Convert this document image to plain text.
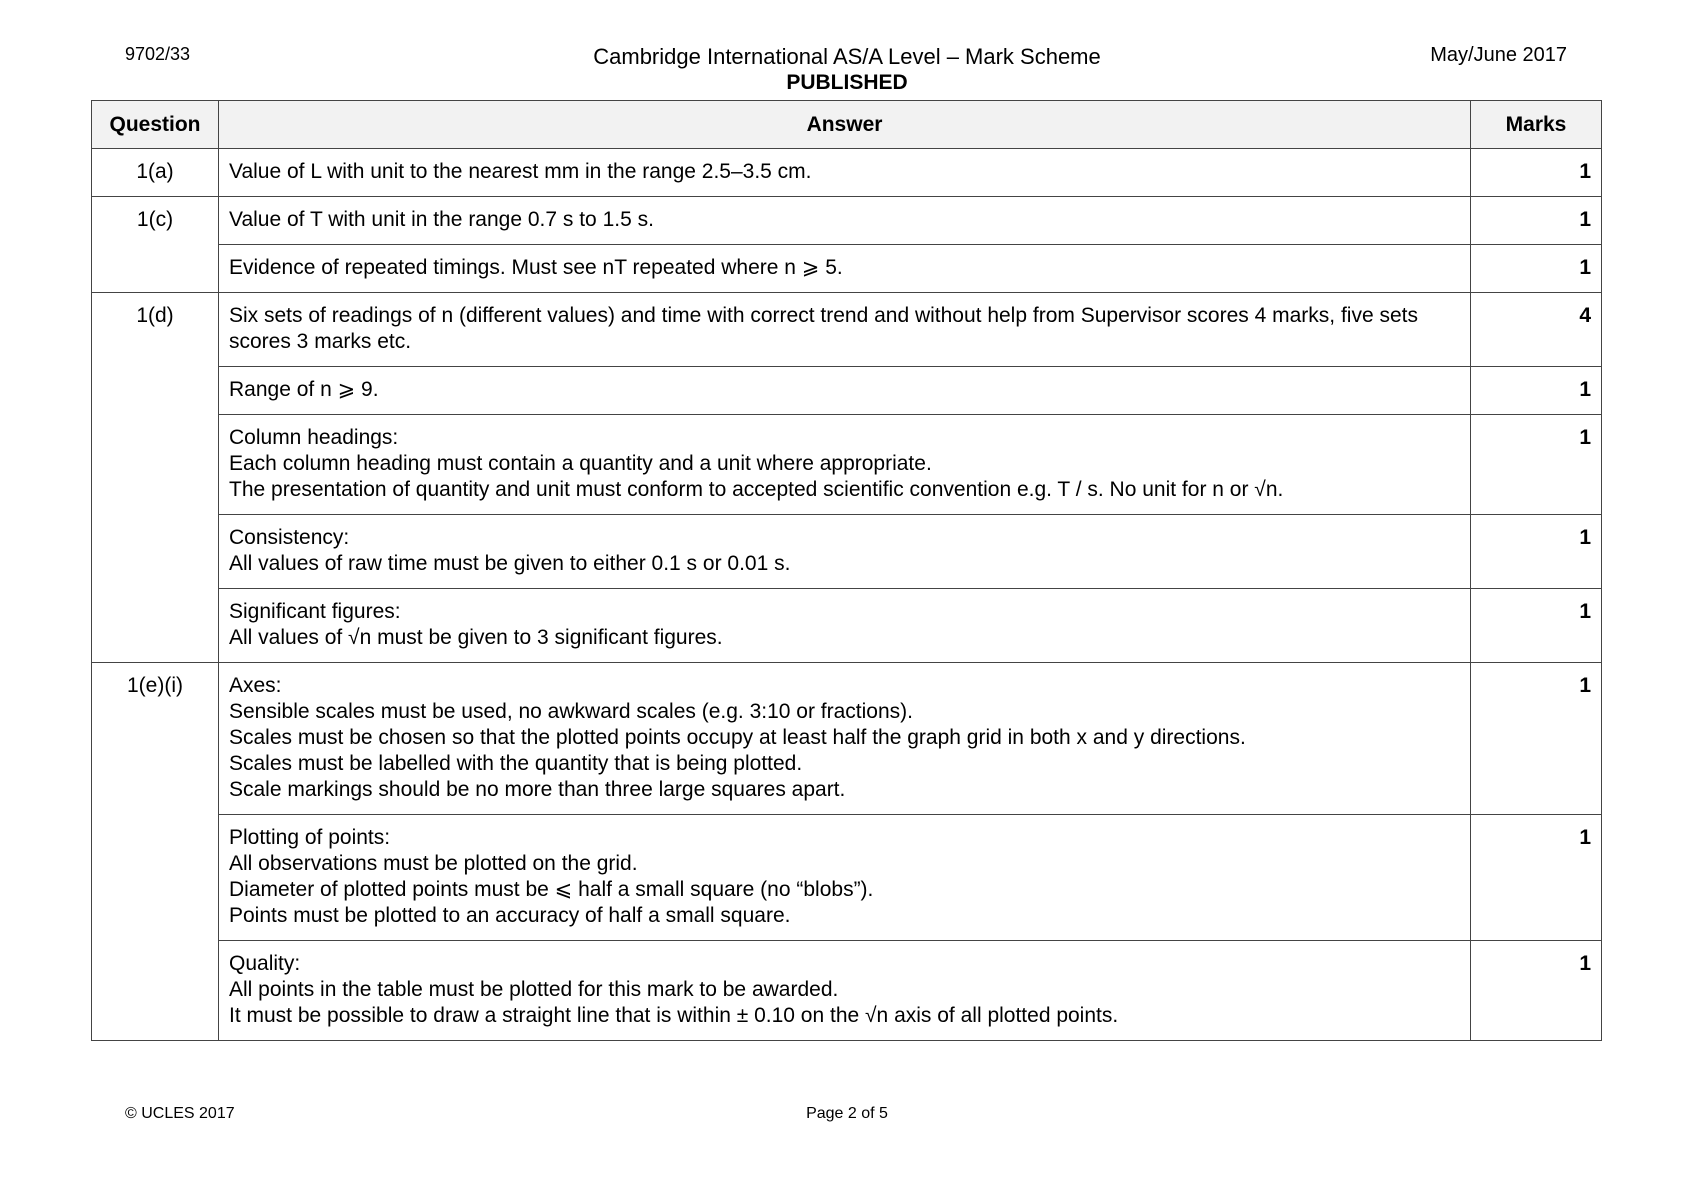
9702/33	Cambridge International AS/A Level – Mark Scheme
PUBLISHED
May/June 2017
Question	Answer	Marks
1(a)	Value of L with unit to the nearest mm in the range 2.5–3.5 cm.	1
1(c)	Value of T with unit in the range 0.7 s to 1.5 s.	1

	Evidence of repeated timings. Must see nT repeated where n ⩾ 5.	1
1(d)	Six sets of readings of n (different values) and time with correct trend and without help from Supervisor scores 4 marks, five sets scores 3 marks etc.	4

	Range of n ⩾ 9.	1

	Column headings:
Each column heading must contain a quantity and a unit where appropriate.
The presentation of quantity and unit must conform to accepted scientific convention e.g. T / s. No unit for n or √n.	1

	Consistency:
All values of raw time must be given to either 0.1 s or 0.01 s.	1

	Significant figures:
All values of √n must be given to 3 significant figures.	1
1(e)(i)	Axes:
Sensible scales must be used, no awkward scales (e.g. 3:10 or fractions).
Scales must be chosen so that the plotted points occupy at least half the graph grid in both x and y directions.
Scales must be labelled with the quantity that is being plotted.
Scale markings should be no more than three large squares apart.	1

	Plotting of points:
All observations must be plotted on the grid.
Diameter of plotted points must be ⩽ half a small square (no “blobs”).
Points must be plotted to an accuracy of half a small square.	1

	Quality:
All points in the table must be plotted for this mark to be awarded.
It must be possible to draw a straight line that is within ± 0.10 on the √n axis of all plotted points.	1
© UCLES 2017	Page 2 of 5
